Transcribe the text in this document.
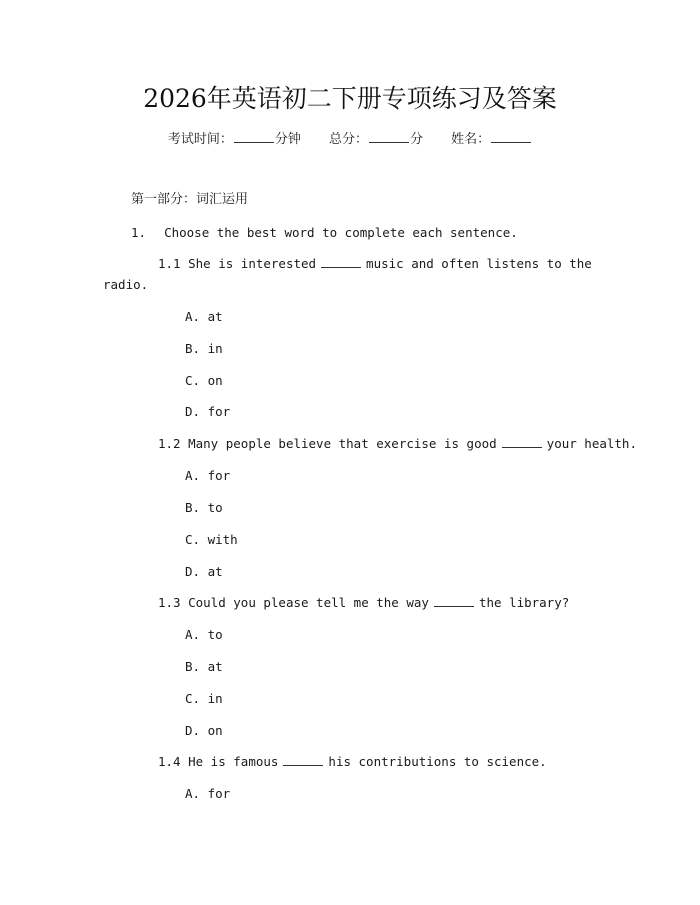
2026年英语初二下册专项练习及答案
考试时间：	分钟 总分：	分 姓名：
第一部分：词汇运用
1. Choose the best word to complete each sentence.
1.1 She is interested	music and often listens to the
radio.
A. at
B. in
C. on
D. for
1.2 Many people believe that exercise is good	your health.
A. for
B. to
C. with
D. at
1.3 Could you please tell me the way	the library?
A. to
B. at
C. in
D. on
1.4 He is famous	his contributions to science.
A. for
